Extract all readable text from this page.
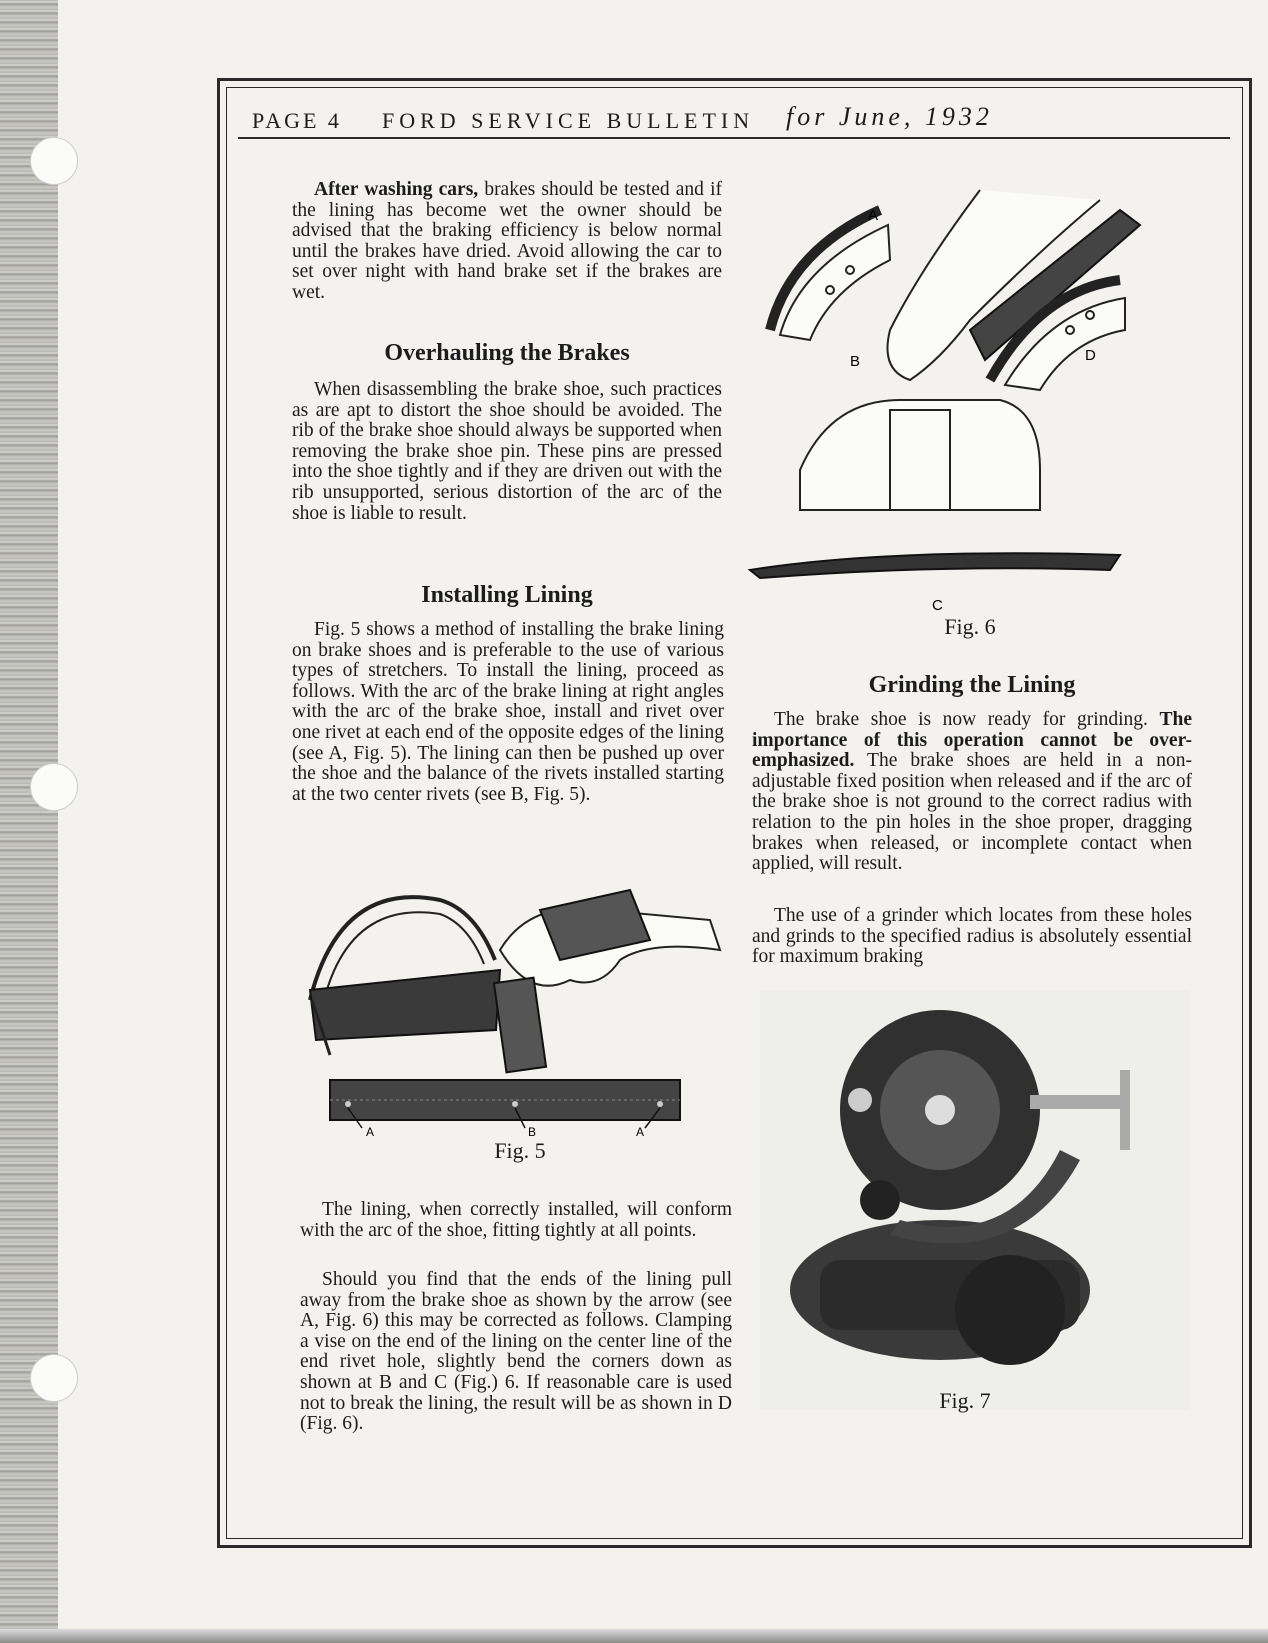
PAGE 4 FORD SERVICE BULLETIN for June, 1932

After washing cars, brakes should be tested and if the lining has become wet the owner should be advised that the braking efficiency is below normal until the brakes have dried. Avoid allowing the car to set over night with hand brake set if the brakes are wet.

Overhauling the Brakes

When disassembling the brake shoe, such practices as are apt to distort the shoe should be avoided. The rib of the brake shoe should always be supported when removing the brake shoe pin. These pins are pressed into the shoe tightly and if they are driven out with the rib unsupported, serious distortion of the arc of the shoe is liable to result.

Installing Lining

Fig. 5 shows a method of installing the brake lining on brake shoes and is preferable to the use of various types of stretchers. To install the lining, proceed as follows. With the arc of the brake lining at right angles with the arc of the brake shoe, install and rivet over one rivet at each end of the opposite edges of the lining (see A, Fig. 5). The lining can then be pushed up over the shoe and the balance of the rivets installed starting at the two center rivets (see B, Fig. 5).

A	B	A
Fig. 5

The lining, when correctly installed, will conform with the arc of the shoe, fitting tightly at all points.

Should you find that the ends of the lining pull away from the brake shoe as shown by the arrow (see A, Fig. 6) this may be corrected as follows. Clamping a vise on the end of the lining on the center line of the end rivet hole, slightly bend the corners down as shown at B and C (Fig.) 6. If reasonable care is used not to break the lining, the result will be as shown in D (Fig. 6).

A
B	D
C
Fig. 6
Grinding the Lining

The brake shoe is now ready for grinding. The importance of this operation cannot be over-emphasized. The brake shoes are held in a non-adjustable fixed position when released and if the arc of the brake shoe is not ground to the correct radius with relation to the pin holes in the shoe proper, dragging brakes when released, or incomplete contact when applied, will result.

The use of a grinder which locates from these holes and grinds to the specified radius is absolutely essential for maximum braking

Fig. 7
